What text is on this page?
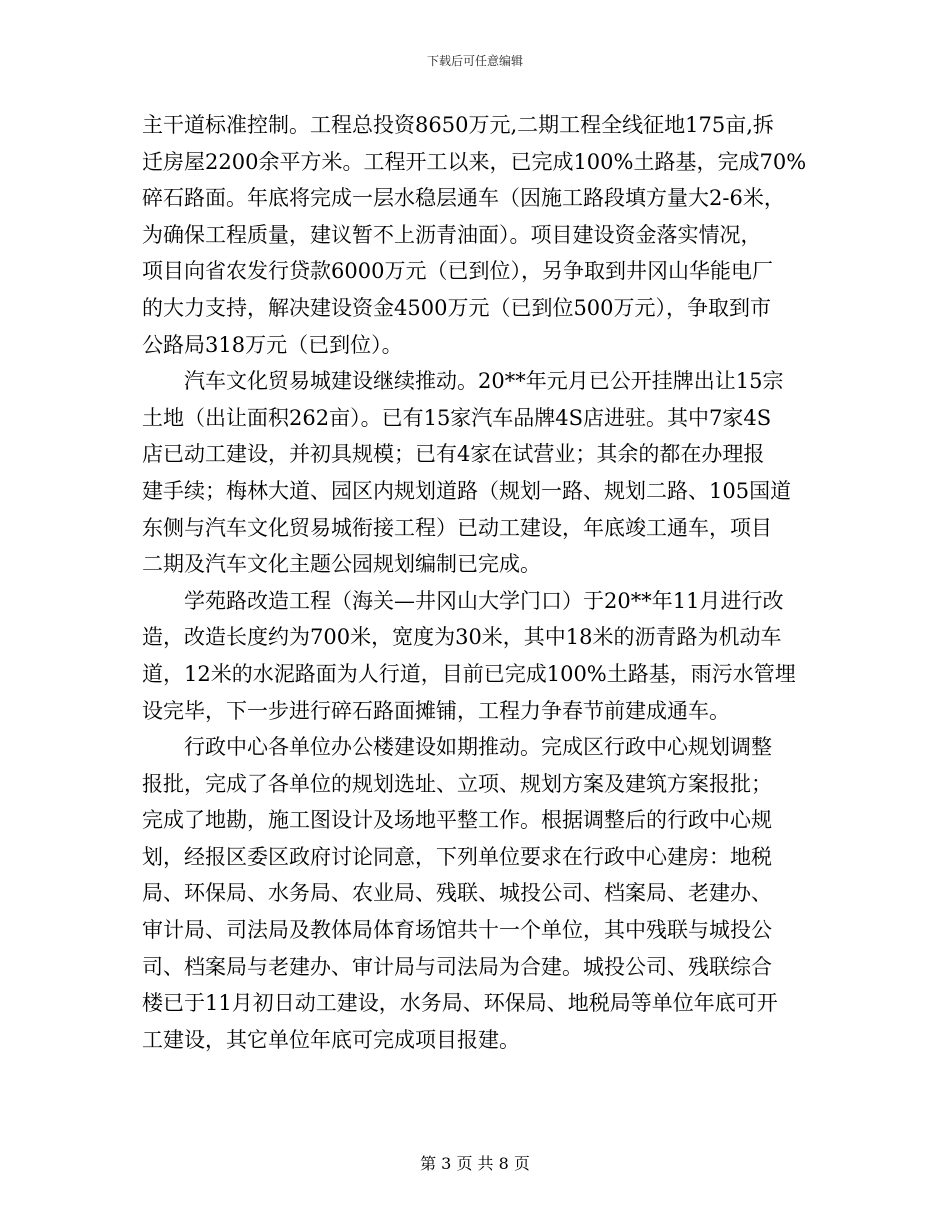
下载后可任意编辑
主干道标准控制。工程总投资8650万元,二期工程全线征地175亩,拆
迁房屋2200余平方米。工程开工以来，已完成100%土路基，完成70%
碎石路面。年底将完成一层水稳层通车（因施工路段填方量大2-6米，
为确保工程质量，建议暂不上沥青油面）。项目建设资金落实情况，
项目向省农发行贷款6000万元（已到位），另争取到井冈山华能电厂
的大力支持，解决建设资金4500万元（已到位500万元），争取到市
公路局318万元（已到位）。
汽车文化贸易城建设继续推动。20**年元月已公开挂牌出让15宗
土地（出让面积262亩）。已有15家汽车品牌4S店进驻。其中7家4S
店已动工建设，并初具规模；已有4家在试营业；其余的都在办理报
建手续；梅林大道、园区内规划道路（规划一路、规划二路、105国道
东侧与汽车文化贸易城衔接工程）已动工建设，年底竣工通车，项目
二期及汽车文化主题公园规划编制已完成。
学苑路改造工程（海关—井冈山大学门口）于20**年11月进行改
造，改造长度约为700米，宽度为30米，其中18米的沥青路为机动车
道，12米的水泥路面为人行道，目前已完成100%土路基，雨污水管埋
设完毕，下一步进行碎石路面摊铺，工程力争春节前建成通车。
行政中心各单位办公楼建设如期推动。完成区行政中心规划调整
报批，完成了各单位的规划选址、立项、规划方案及建筑方案报批；
完成了地勘，施工图设计及场地平整工作。根据调整后的行政中心规
划，经报区委区政府讨论同意，下列单位要求在行政中心建房：地税
局、环保局、水务局、农业局、残联、城投公司、档案局、老建办、
审计局、司法局及教体局体育场馆共十一个单位，其中残联与城投公
司、档案局与老建办、审计局与司法局为合建。城投公司、残联综合
楼已于11月初日动工建设，水务局、环保局、地税局等单位年底可开
工建设，其它单位年底可完成项目报建。
第 3 页 共 8 页
